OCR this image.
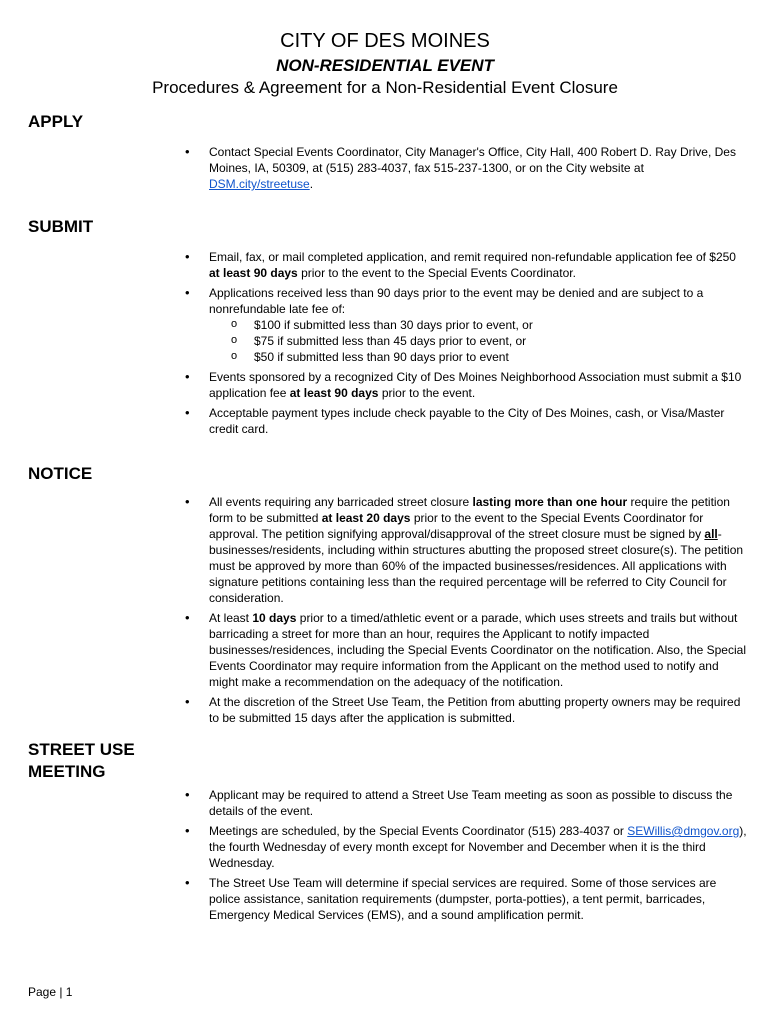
CITY OF DES MOINES
NON-RESIDENTIAL EVENT
Procedures & Agreement for a Non-Residential Event Closure
APPLY
• Contact Special Events Coordinator, City Manager's Office, City Hall, 400 Robert D. Ray Drive, Des Moines, IA, 50309, at (515) 283-4037, fax 515-237-1300, or on the City website at DSM.city/streetuse.
SUBMIT
• Email, fax, or mail completed application, and remit required non-refundable application fee of $250 at least 90 days prior to the event to the Special Events Coordinator.
• Applications received less than 90 days prior to the event may be denied and are subject to a nonrefundable late fee of:
o $100 if submitted less than 30 days prior to event, or
o $75 if submitted less than 45 days prior to event, or
o $50 if submitted less than 90 days prior to event
• Events sponsored by a recognized City of Des Moines Neighborhood Association must submit a $10 application fee at least 90 days prior to the event.
• Acceptable payment types include check payable to the City of Des Moines, cash, or Visa/Master credit card.
NOTICE
• All events requiring any barricaded street closure lasting more than one hour require the petition form to be submitted at least 20 days prior to the event to the Special Events Coordinator for approval. The petition signifying approval/disapproval of the street closure must be signed by all-businesses/residents, including within structures abutting the proposed street closure(s). The petition must be approved by more than 60% of the impacted businesses/residences. All applications with signature petitions containing less than the required percentage will be referred to City Council for consideration.
• At least 10 days prior to a timed/athletic event or a parade, which uses streets and trails but without barricading a street for more than an hour, requires the Applicant to notify impacted businesses/residences, including the Special Events Coordinator on the notification. Also, the Special Events Coordinator may require information from the Applicant on the method used to notify and might make a recommendation on the adequacy of the notification.
• At the discretion of the Street Use Team, the Petition from abutting property owners may be required to be submitted 15 days after the application is submitted.
STREET USE MEETING
• Applicant may be required to attend a Street Use Team meeting as soon as possible to discuss the details of the event.
• Meetings are scheduled, by the Special Events Coordinator (515) 283-4037 or SEWillis@dmgov.org), the fourth Wednesday of every month except for November and December when it is the third Wednesday.
• The Street Use Team will determine if special services are required. Some of those services are police assistance, sanitation requirements (dumpster, porta-potties), a tent permit, barricades, Emergency Medical Services (EMS), and a sound amplification permit.
Page | 1
